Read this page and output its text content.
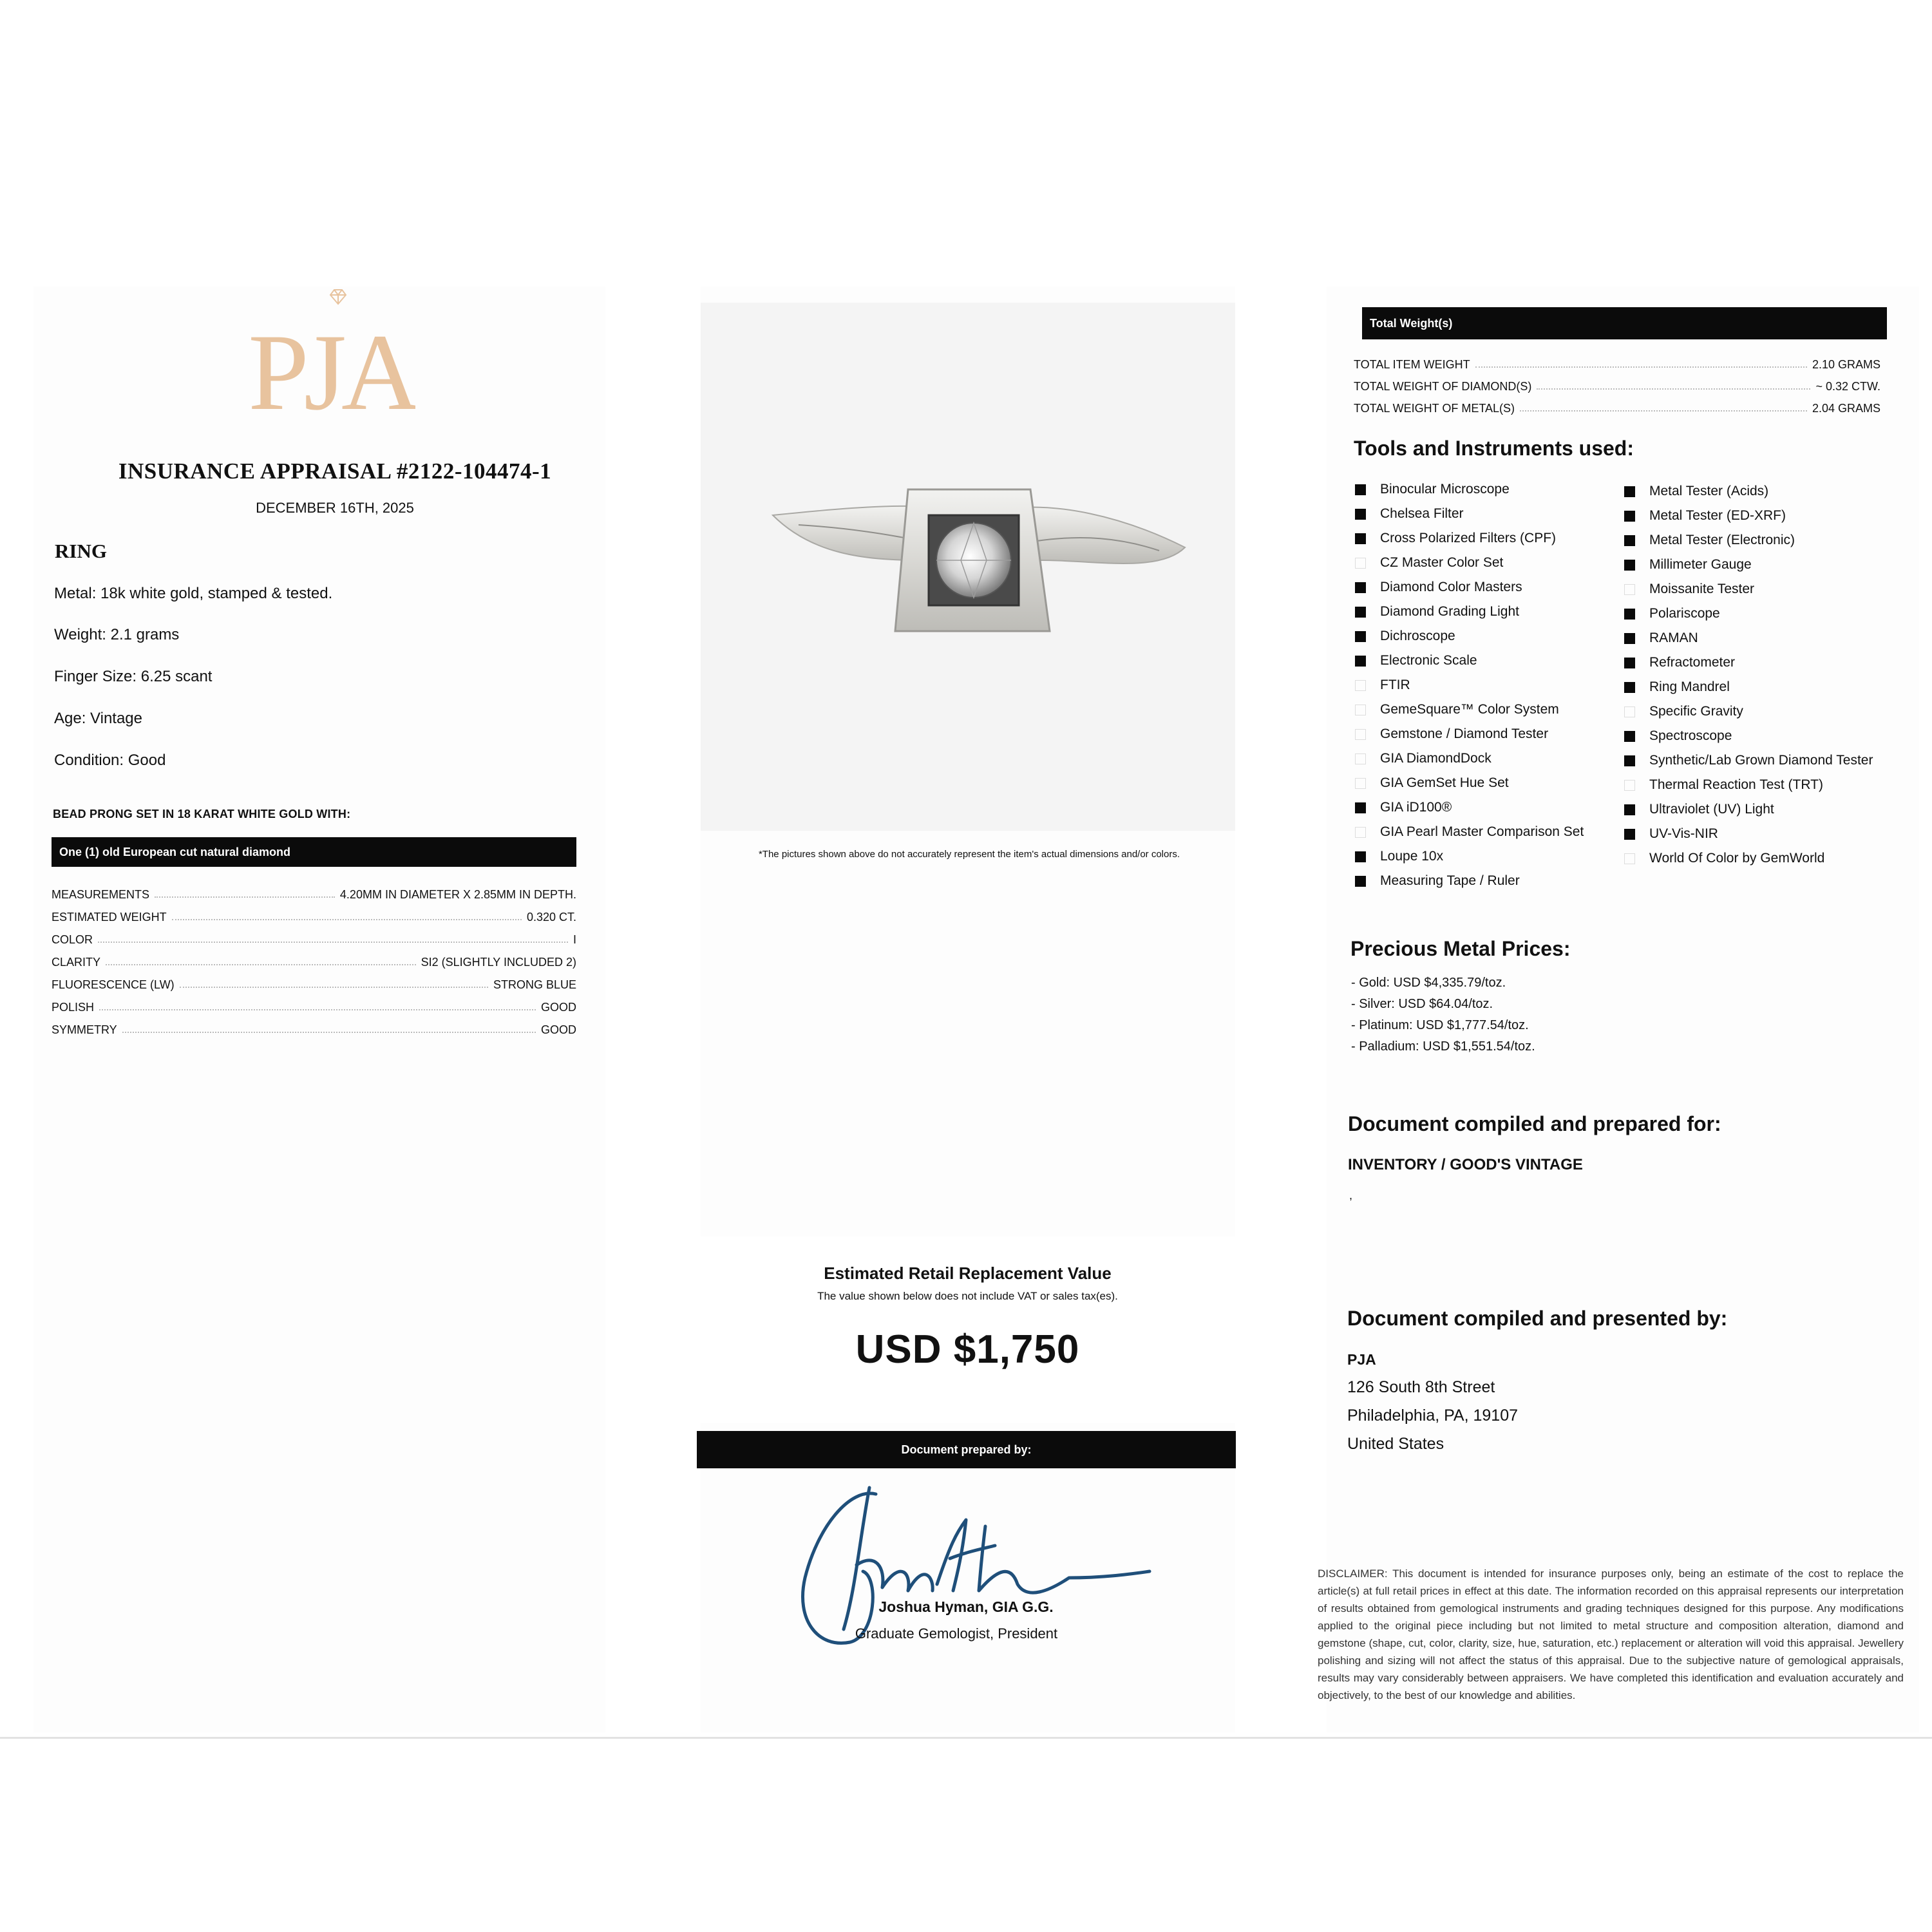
PJA
INSURANCE APPRAISAL #2122-104474-1
DECEMBER 16TH, 2025
RING
Metal: 18k white gold, stamped & tested.
Weight: 2.1 grams
Finger Size: 6.25 scant
Age: Vintage
Condition: Good
BEAD PRONG SET IN 18 KARAT WHITE GOLD WITH:
One (1) old European cut natural diamond
MEASUREMENTS	4.20MM IN DIAMETER X 2.85MM IN DEPTH.
ESTIMATED WEIGHT	0.320 CT.
COLOR	I
CLARITY	SI2 (SLIGHTLY INCLUDED 2)
FLUORESCENCE (LW)	STRONG BLUE
POLISH	GOOD
SYMMETRY	GOOD
*The pictures shown above do not accurately represent the item's actual dimensions and/or colors.
Estimated Retail Replacement Value
The value shown below does not include VAT or sales tax(es).
USD $1,750
Document prepared by:
Joshua Hyman, GIA G.G.
Graduate Gemologist, President
Total Weight(s)
TOTAL ITEM WEIGHT	2.10 GRAMS
TOTAL WEIGHT OF DIAMOND(S)	~ 0.32 CTW.
TOTAL WEIGHT OF METAL(S)	2.04 GRAMS
Tools and Instruments used:
Binocular Microscope
Chelsea Filter
Cross Polarized Filters (CPF)
CZ Master Color Set
Diamond Color Masters
Diamond Grading Light
Dichroscope
Electronic Scale
FTIR
GemeSquare™ Color System
Gemstone / Diamond Tester
GIA DiamondDock
GIA GemSet Hue Set
GIA iD100®
GIA Pearl Master Comparison Set
Loupe 10x
Measuring Tape / Ruler
Metal Tester (Acids)
Metal Tester (ED-XRF)
Metal Tester (Electronic)
Millimeter Gauge
Moissanite Tester
Polariscope
RAMAN
Refractometer
Ring Mandrel
Specific Gravity
Spectroscope
Synthetic/Lab Grown Diamond Tester
Thermal Reaction Test (TRT)
Ultraviolet (UV) Light
UV-Vis-NIR
World Of Color by GemWorld
Precious Metal Prices:
- Gold: USD $4,335.79/toz.
- Silver: USD $64.04/toz.
- Platinum: USD $1,777.54/toz.
- Palladium: USD $1,551.54/toz.
Document compiled and prepared for:
INVENTORY / GOOD'S VINTAGE
,
Document compiled and presented by:
PJA
126 South 8th Street
Philadelphia, PA, 19107
United States
DISCLAIMER: This document is intended for insurance purposes only, being an estimate of the cost to replace the article(s) at full retail prices in effect at this date. The information recorded on this appraisal represents our interpretation of results obtained from gemological instruments and grading techniques designed for this purpose. Any modifications applied to the original piece including but not limited to metal structure and composition alteration, diamond and gemstone (shape, cut, color, clarity, size, hue, saturation, etc.) replacement or alteration will void this appraisal. Jewellery polishing and sizing will not affect the status of this appraisal. Due to the subjective nature of gemological appraisals, results may vary considerably between appraisers. We have completed this identification and evaluation accurately and objectively, to the best of our knowledge and abilities.
